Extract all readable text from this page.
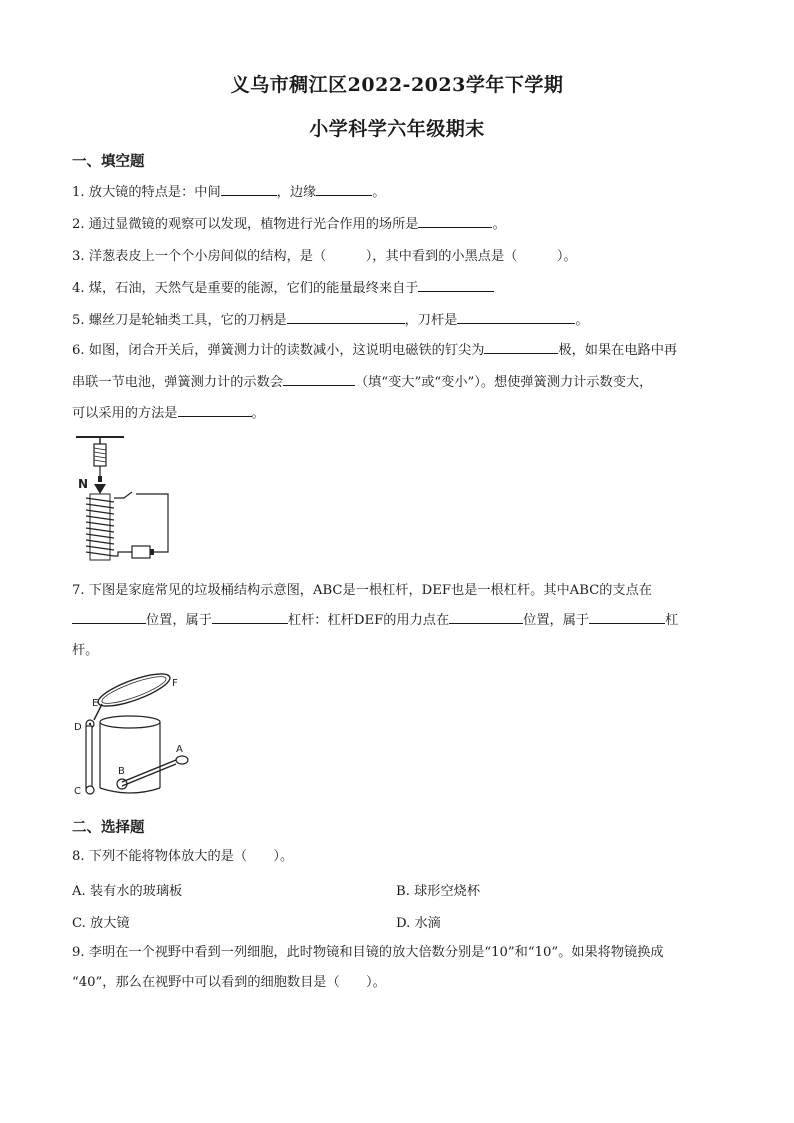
义乌市稠江区2022-2023学年下学期
小学科学六年级期末
一、填空题
1. 放大镜的特点是：中间	，边缘	。
2. 通过显微镜的观察可以发现，植物进行光合作用的场所是	。
3. 洋葱表皮上一个个小房间似的结构，是（　　　），其中看到的小黑点是（　　　）。
4. 煤，石油，天然气是重要的能源，它们的能量最终来自于
5. 螺丝刀是轮轴类工具，它的刀柄是	，刀杆是	。
6. 如图，闭合开关后，弹簧测力计的读数减小，这说明电磁铁的钉尖为	极，如果在电路中再
串联一节电池，弹簧测力计的示数会	（填“变大”或“变小”）。想使弹簧测力计示数变大，
可以采用的方法是	。
N
7. 下图是家庭常见的垃圾桶结构示意图，ABC是一根杠杆，DEF也是一根杠杆。其中ABC的支点在
位置，属于	杠杆：杠杆DEF的用力点在	位置，属于	杠
杆。
E
F
D
C
B
A
二、选择题
8. 下列不能将物体放大的是（　　）。
A. 装有水的玻璃板	B. 球形空烧杯
C. 放大镜	D. 水滴
9. 李明在一个视野中看到一列细胞，此时物镜和目镜的放大倍数分别是“10”和“10”。如果将物镜换成
“40”，那么在视野中可以看到的细胞数目是（　　）。
